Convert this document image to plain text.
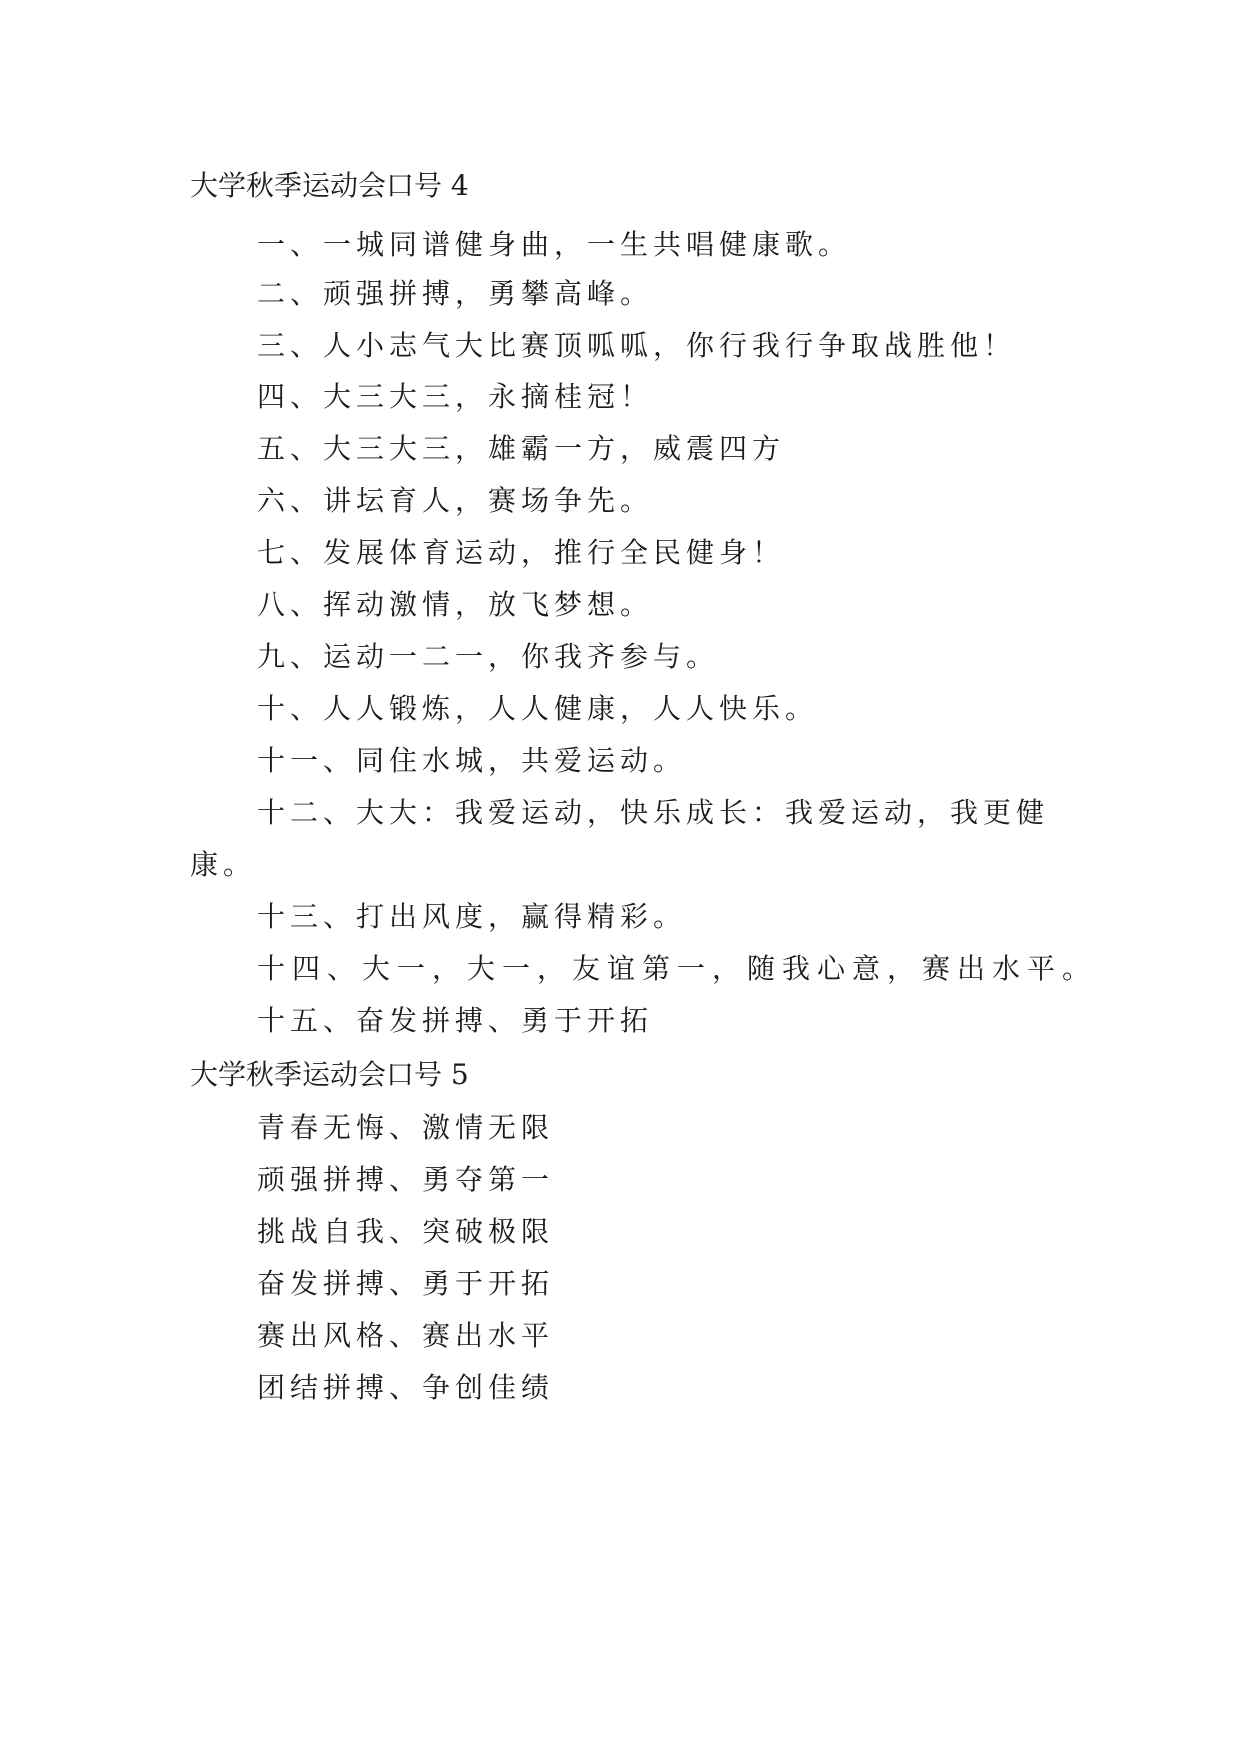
大学秋季运动会口号 4
一、一城同谱健身曲，一生共唱健康歌。
二、顽强拼搏，勇攀高峰。
三、人小志气大比赛顶呱呱，你行我行争取战胜他！
四、大三大三，永摘桂冠！
五、大三大三，雄霸一方，威震四方
六、讲坛育人，赛场争先。
七、发展体育运动，推行全民健身！
八、挥动激情，放飞梦想。
九、运动一二一，你我齐参与。
十、人人锻炼，人人健康，人人快乐。
十一、同住水城，共爱运动。
十二、大大：我爱运动，快乐成长：我爱运动，我更健
康。
十三、打出风度，赢得精彩。
十四、大一，大一，友谊第一，随我心意，赛出水平。
十五、奋发拼搏、勇于开拓
大学秋季运动会口号 5
青春无悔、激情无限
顽强拼搏、勇夺第一
挑战自我、突破极限
奋发拼搏、勇于开拓
赛出风格、赛出水平
团结拼搏、争创佳绩
